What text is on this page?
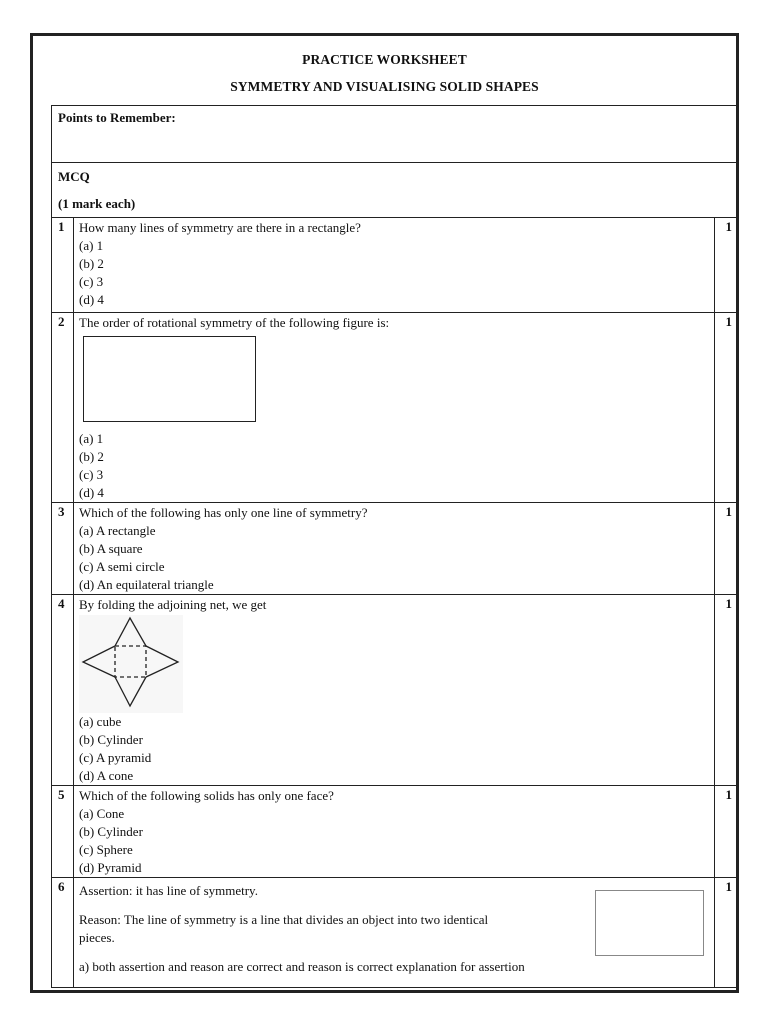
PRACTICE WORKSHEET
SYMMETRY AND VISUALISING SOLID SHAPES
Points to Remember:		

MCQ
(1 mark each)		

1	How many lines of symmetry are there in a rectangle?
(a) 1
(b) 2
(c) 3
(d) 4	1
2	The order of rotational symmetry of the following figure is:
(a) 1
(b) 2
(c) 3
(d) 4	1
3	Which of the following has only one line of symmetry?
(a) A rectangle
(b) A square
(c) A semi circle
(d) An equilateral triangle	1
4	By folding the adjoining net, we get
(a) cube
(b) Cylinder
(c) A pyramid
(d) A cone	1
5	Which of the following solids has only one face?
(a) Cone
(b) Cylinder
(c) Sphere
(d) Pyramid	1
6	Assertion: it has line of symmetry.

Reason: The line of symmetry is a line that divides an object into two identical

pieces.

a) both assertion and reason are correct and reason is correct explanation for assertion	1
